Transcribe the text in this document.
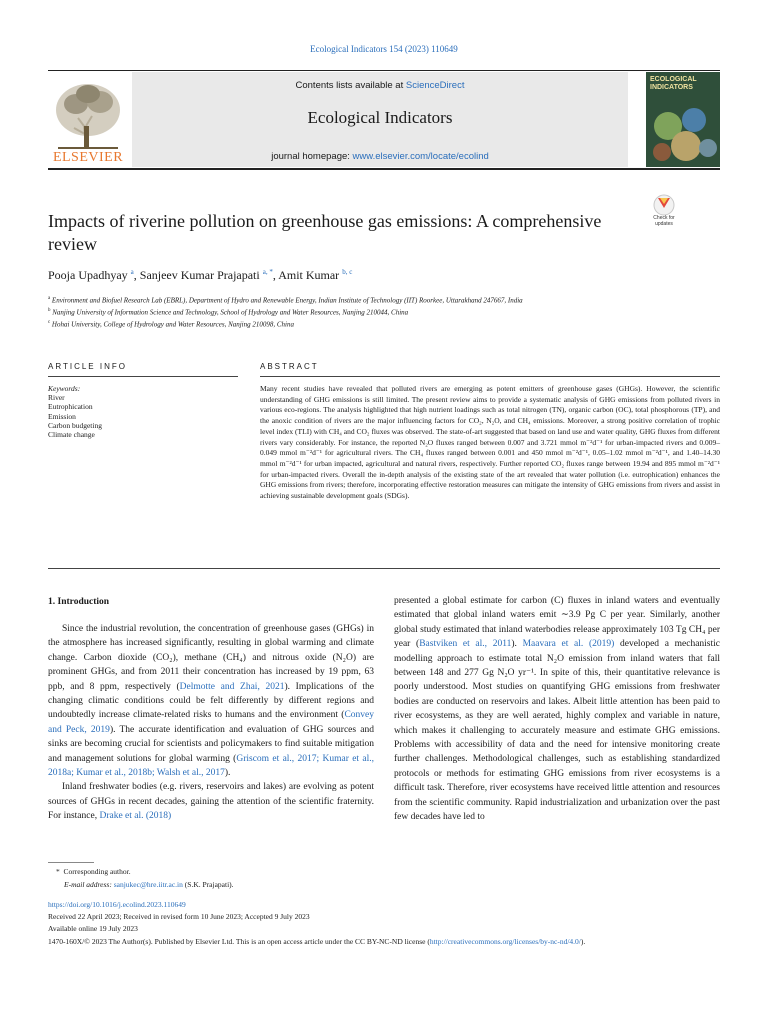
Ecological Indicators 154 (2023) 110649
ELSEVIER
Contents lists available at ScienceDirect
Ecological Indicators
journal homepage: www.elsevier.com/locate/ecolind
ECOLOGICAL INDICATORS
Check for updates
Impacts of riverine pollution on greenhouse gas emissions: A comprehensive review
Pooja Upadhyay $^a$, Sanjeev Kumar Prajapati $^{a, *}$, Amit Kumar $^{b, c}$
$^a$ Environment and Biofuel Research Lab (EBRL), Department of Hydro and Renewable Energy, Indian Institute of Technology (IIT) Roorkee, Uttarakhand 247667, India
$^b$ Nanjing University of Information Science and Technology, School of Hydrology and Water Resources, Nanjing 210044, China
$^c$ Hohai University, College of Hydrology and Water Resources, Nanjing 210098, China
ARTICLE INFO	ABSTRACT
Keywords:
River
Eutrophication
Emission
Carbon budgeting
Climate change
Many recent studies have revealed that polluted rivers are emerging as potent emitters of greenhouse gases (GHGs). However, the scientific understanding of GHG emissions is still limited. The present review aims to provide a systematic analysis of GHG emissions from polluted rivers in various eco-regions. The analysis highlighted that high nutrient loadings such as total nitrogen (TN), organic carbon (OC), total phosphorous (TP), and the anoxic condition of rivers are the major influencing factors for CO₂, N₂O, and CH₄ emissions. Moreover, a strong positive correlation of trophic level index (TLI) with CH₄ and CO₂ fluxes was observed. The state-of-art suggested that based on land use and water quality, GHG fluxes from different rivers vary considerably. For instance, the reported N₂O fluxes ranged between 0.007 and 3.721 mmol m⁻²d⁻¹ for urban-impacted rivers and 0.009–0.049 mmol m⁻²d⁻¹ for agricultural rivers. The CH₄ fluxes ranged between 0.001 and 450 mmol m⁻²d⁻¹, 0.05–1.02 mmol m⁻²d⁻¹, and 1.40–14.30 mmol m⁻²d⁻¹ for urban impacted, agricultural and natural rivers, respectively. Further reported CO₂ fluxes range between 19.94 and 895 mmol m⁻²d⁻¹ for urban-impacted rivers. Overall the in-depth analysis of the existing state of the art revealed that water pollution (i.e. eutrophication) enhances the GHG emissions from rivers; therefore, incorporating effective restoration measures can mitigate the intensity of GHG emissions from rivers and assist in achieving sustainable development goals (SDGs).
1. Introduction

Since the industrial revolution, the concentration of greenhouse gases (GHGs) in the atmosphere has increased significantly, resulting in global warming and climate change. Carbon dioxide (CO₂), methane (CH₄) and nitrous oxide (N₂O) are prominent GHGs, and from 2011 their concentration has increased by 19 ppm, 63 ppb, and 8 ppm, respectively (Delmotte and Zhai, 2021). Implications of the changing climatic conditions could be felt differently by different regions and undoubtedly increase climate-related risks to humans and the environment (Convey and Peck, 2019). The accurate identification and evaluation of GHG sources and sinks are becoming crucial for scientists and policymakers to find suitable mitigation and management solutions for global warming (Griscom et al., 2017; Kumar et al., 2018a; Kumar et al., 2018b; Walsh et al., 2017).

Inland freshwater bodies (e.g. rivers, reservoirs and lakes) are evolving as potent sources of GHGs in recent decades, gaining the attention of the scientific fraternity. For instance, Drake et al. (2018)

presented a global estimate for carbon (C) fluxes in inland waters and eventually estimated that global inland waters emit ∼3.9 Pg C per year. Similarly, another global study estimated that inland waterbodies release approximately 103 Tg CH₄ per year (Bastviken et al., 2011). Maavara et al. (2019) developed a mechanistic modelling approach to estimate total N₂O emission from inland waters that fall between 148 and 277 Gg N₂O yr⁻¹. In spite of this, their quantitative relevance is poorly understood. Most studies on quantifying GHG emissions from freshwater bodies are conducted on reservoirs and lakes. Albeit little attention has been paid to river ecosystems, as they are well aerated, highly complex and variable in nature, which makes it challenging to accurately measure and estimate GHG emissions. Problems with accessibility of data and the need for intensive monitoring create further challenges. Methodological challenges, such as establishing standardized protocols or methods for estimating GHG emissions from river ecosystems is a difficult task. Therefore, river ecosystems have received little attention and resources from the scientific community. Rapid industrialization and urbanization over the past few decades have led to

* Corresponding author.
E-mail address: sanjukec@hre.iitr.ac.in (S.K. Prajapati).
https://doi.org/10.1016/j.ecolind.2023.110649
Received 22 April 2023; Received in revised form 10 June 2023; Accepted 9 July 2023
Available online 19 July 2023
1470-160X/© 2023 The Author(s). Published by Elsevier Ltd. This is an open access article under the CC BY-NC-ND license (http://creativecommons.org/licenses/by-nc-nd/4.0/).
